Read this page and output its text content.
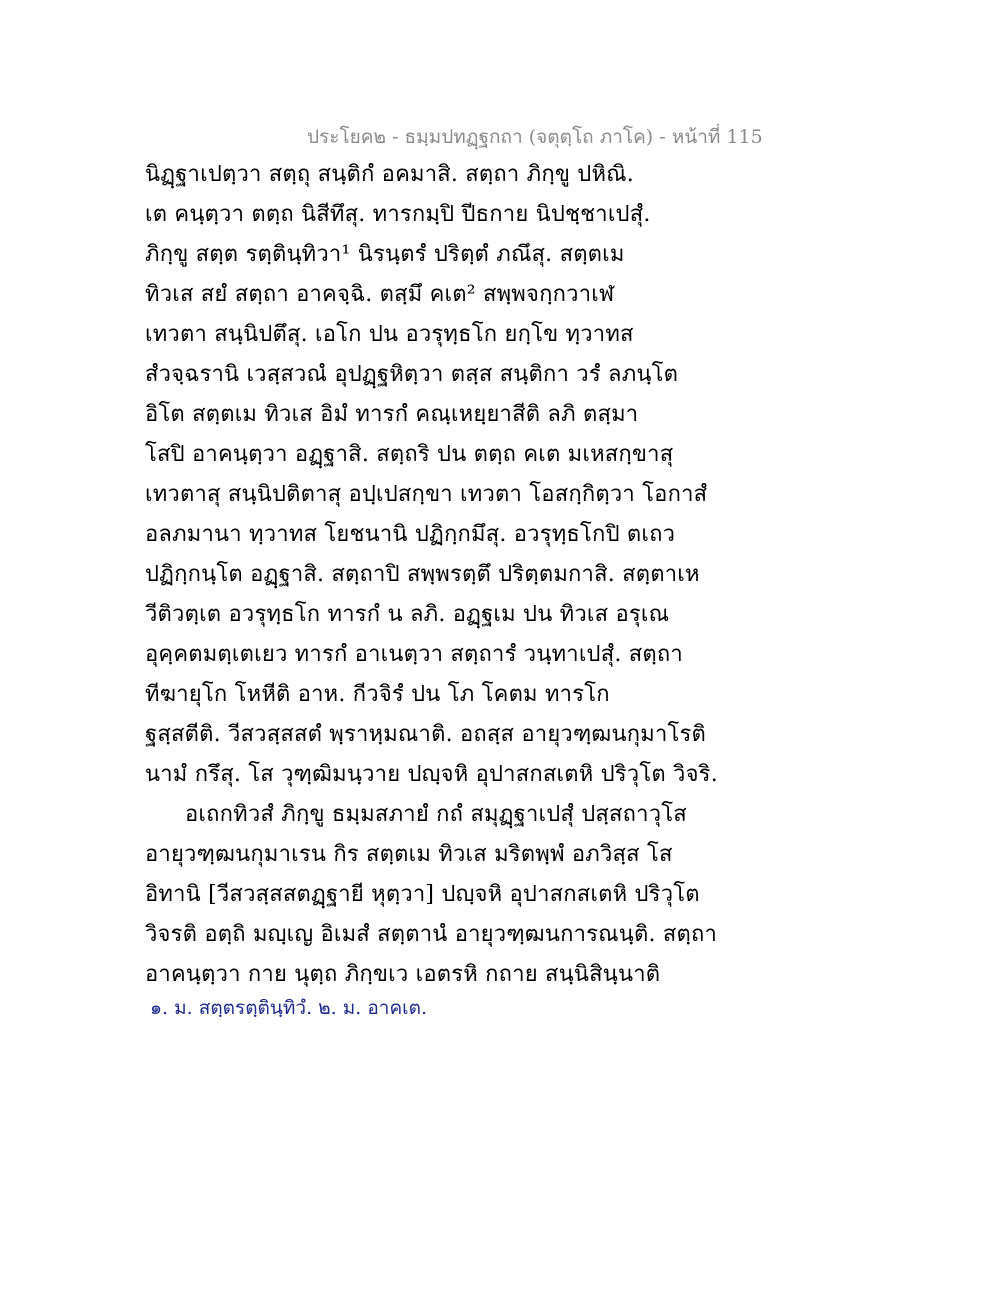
ประโยค๒ - ธมฺมปทฏฺฐกถา (จตุตฺโถ ภาโค) - หน้าที่ 115
นิฏฺฐาเปตฺวา สตฺถุ สนฺติกํ อคมาสิ. สตฺถา ภิกฺขู ปหิณิ.
เต คนฺตฺวา ตตฺถ นิสีทึสุ. ทารกมฺปิ ปีธกาย นิปชฺชาเปสุํ.
ภิกฺขู สตฺต รตฺตินฺทิวา¹ นิรนฺตรํ ปริตฺตํ ภณึสุ. สตฺตเม
ทิวเส สยํ สตฺถา อาคจฺฉิ. ตสฺมึ คเต² สพฺพจกฺกวาเฬ
เทวตา สนฺนิปตึสุ. เอโก ปน อวรุทฺธโก ยกฺโข ทฺวาทส
สํวจฺฉรานิ เวสฺสวณํ อุปฏฺฐหิตฺวา ตสฺส สนฺติกา วรํ ลภนฺโต
อิโต สตฺตเม ทิวเส อิมํ ทารกํ คณฺเหยฺยาสีติ ลภิ ตสฺมา
โสปิ อาคนฺตฺวา อฏฺฐาสิ. สตฺถริ ปน ตตฺถ คเต มเหสกฺขาสุ
เทวตาสุ สนฺนิปติตาสุ อปฺเปสกฺขา เทวตา โอสกฺกิตฺวา โอกาสํ
อลภมานา ทฺวาทส โยชนานิ ปฏิกฺกมึสุ. อวรุทฺธโกปิ ตเถว
ปฏิกฺกนฺโต อฏฺฐาสิ. สตฺถาปิ สพฺพรตฺตึ ปริตฺตมกาสิ. สตฺตาเห
วีติวตฺเต อวรุทฺธโก ทารกํ น ลภิ. อฏฺฐเม ปน ทิวเส อรุเณ
อุคฺคตมตฺเตเยว ทารกํ อาเนตฺวา สตฺถารํ วนฺทาเปสุํ. สตฺถา
ทีฆายุโก โหหีติ อาห. กีวจิรํ ปน โภ โคตม ทารโก
ฐสฺสตีติ. วีสวสฺสสตํ พฺราหฺมณาติ. อถสฺส อายุวฑฺฒนกุมาโรติ
นามํ กรึสุ. โส วุฑฺฒิมนฺวาย ปญฺจหิ อุปาสกสเตหิ ปริวุโต วิจริ.
อเถกทิวสํ ภิกฺขู ธมฺมสภายํ กถํ สมุฏฺฐาเปสุํ ปสฺสถาวุโส
อายุวฑฺฒนกุมาเรน กิร สตฺตเม ทิวเส มริตพฺพํ อภวิสฺส โส
อิทานิ [วีสวสฺสสตฏฺฐายี หุตฺวา] ปญฺจหิ อุปาสกสเตหิ ปริวุโต
วิจรติ อตฺถิ มญฺเญ อิเมสํ สตฺตานํ อายุวฑฺฒนการณนฺติ. สตฺถา
อาคนฺตฺวา กาย นุตฺถ ภิกฺขเว เอตรหิ กถาย สนฺนิสินฺนาติ
๑. ม. สตฺตรตฺตินฺทิวํ. ๒. ม. อาคเต.
